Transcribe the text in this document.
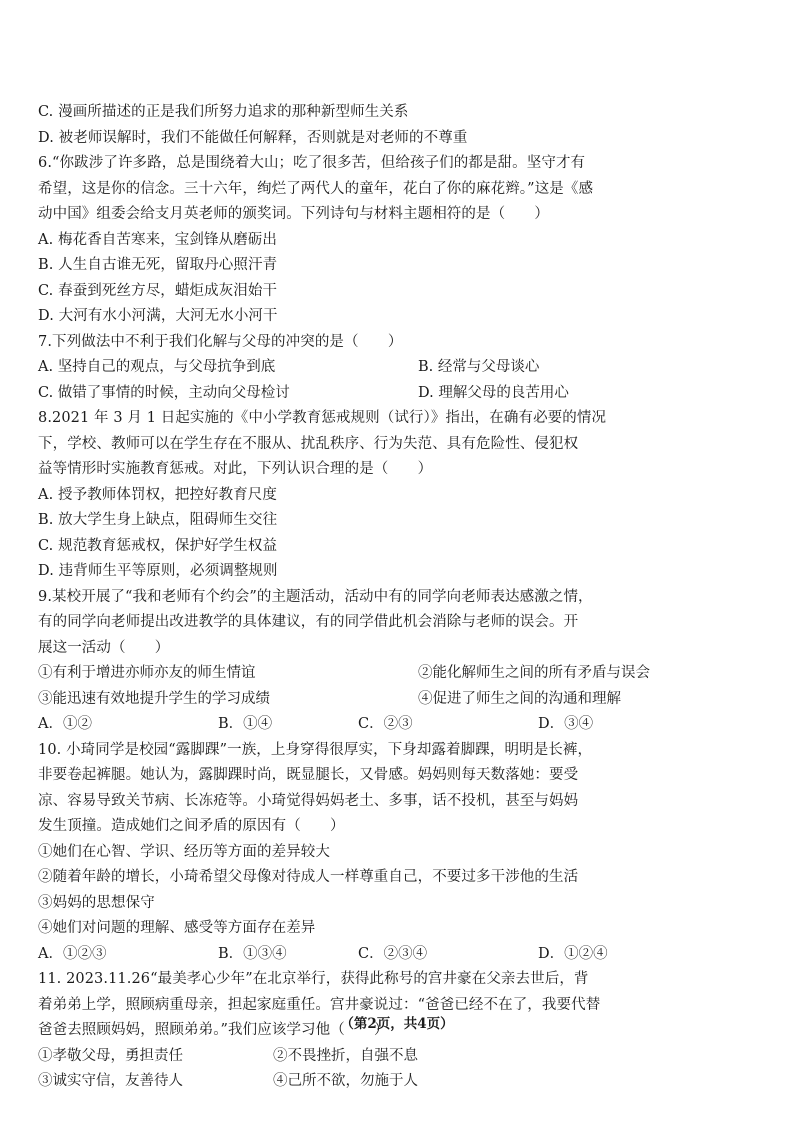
C. 漫画所描述的正是我们所努力追求的那种新型师生关系
D. 被老师误解时，我们不能做任何解释，否则就是对老师的不尊重
6.“你跋涉了许多路，总是围绕着大山；吃了很多苦，但给孩子们的都是甜。坚守才有
希望，这是你的信念。三十六年，绚烂了两代人的童年，花白了你的麻花辫。”这是《感
动中国》组委会给支月英老师的颁奖词。下列诗句与材料主题相符的是（　　）
A. 梅花香自苦寒来，宝剑锋从磨砺出
B. 人生自古谁无死，留取丹心照汗青
C. 春蚕到死丝方尽，蜡炬成灰泪始干
D. 大河有水小河满，大河无水小河干
7.下列做法中不利于我们化解与父母的冲突的是（　　）
A. 坚持自己的观点，与父母抗争到底	B. 经常与父母谈心
C. 做错了事情的时候，主动向父母检讨	D. 理解父母的良苦用心
8.2021 年 3 月 1 日起实施的《中小学教育惩戒规则（试行）》指出，在确有必要的情况
下，学校、教师可以在学生存在不服从、扰乱秩序、行为失范、具有危险性、侵犯权
益等情形时实施教育惩戒。对此，下列认识合理的是（　　）
A. 授予教师体罚权，把控好教育尺度
B. 放大学生身上缺点，阻碍师生交往
C. 规范教育惩戒权，保护好学生权益
D. 违背师生平等原则，必须调整规则
9.某校开展了“我和老师有个约会”的主题活动，活动中有的同学向老师表达感激之情，
有的同学向老师提出改进教学的具体建议，有的同学借此机会消除与老师的误会。开
展这一活动（　　）
①有利于增进亦师亦友的师生情谊	②能化解师生之间的所有矛盾与误会
③能迅速有效地提升学生的学习成绩	④促进了师生之间的沟通和理解
A．①②	B．①④	C．②③	D．③④
10. 小琦同学是校园“露脚踝”一族，上身穿得很厚实，下身却露着脚踝，明明是长裤，
非要卷起裤腿。她认为，露脚踝时尚，既显腿长，又骨感。妈妈则每天数落她：要受
凉、容易导致关节病、长冻疮等。小琦觉得妈妈老土、多事，话不投机，甚至与妈妈
发生顶撞。造成她们之间矛盾的原因有（　　）
①她们在心智、学识、经历等方面的差异较大
②随着年龄的增长，小琦希望父母像对待成人一样尊重自己，不要过多干涉他的生活
③妈妈的思想保守
④她们对问题的理解、感受等方面存在差异
A．①②③	B．①③④	C．②③④	D．①②④
11. 2023.11.26“最美孝心少年”在北京举行，获得此称号的宫井豪在父亲去世后，背
着弟弟上学，照顾病重母亲，担起家庭重任。宫井豪说过：“爸爸已经不在了，我要代替
爸爸去照顾妈妈，照顾弟弟。”我们应该学习他（　　）
①孝敬父母，勇担责任	②不畏挫折，自强不息
③诚实守信，友善待人	④己所不欲，勿施于人
（第2页，共4页）
